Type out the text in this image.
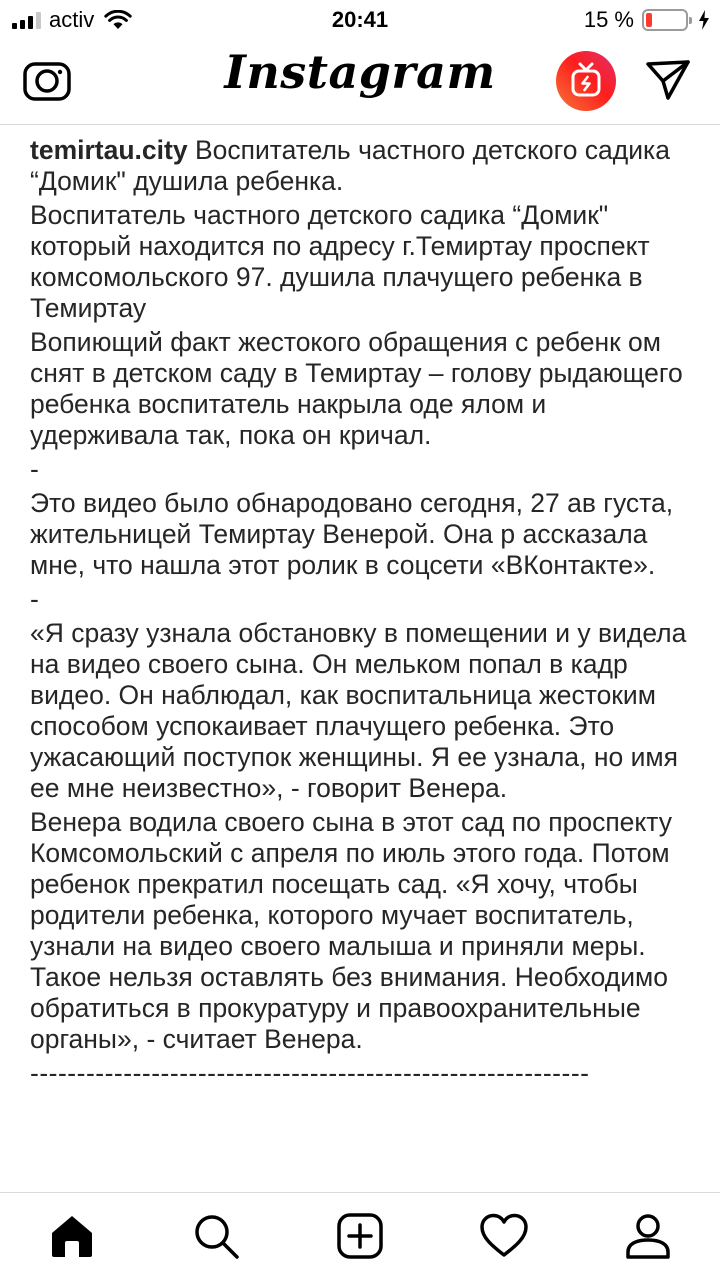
activ	20:41	15 %
Instagram

temirtau.city Воспитатель частного детского садика “Домик" душила ребенка.

Воспитатель частного детского садика “Домик" который находится по адресу г.Темиртау проспект комсомольского 97. душила плачущего ребенка в Темиртау

Вопиющий факт жестокого обращения с ребенк ом снят в детском саду в Темиртау – голову рыдающего ребенка воспитатель накрыла оде ялом и удерживала так, пока он кричал.

-

Это видео было обнародовано сегодня, 27 ав густа, жительницей Темиртау Венерой. Она р ассказала мне, что нашла этот ролик в соцсети «ВКонтакте».

-

«Я сразу узнала обстановку в помещении и у видела на видео своего сына. Он мельком попал в кадр видео. Он наблюдал, как воспитальница жестоким способом успокаивает плачущего ребенка. Это ужасающий поступок женщины. Я ее узнала, но имя ее мне неизвестно», - говорит Венера.

Венера водила своего сына в этот сад по проспекту Комсомольский с апреля по июль этого года. Потом ребенок прекратил посещать сад. «Я хочу, чтобы родители ребенка, которого мучает воспитатель, узнали на видео своего малыша и приняли меры. Такое нельзя оставлять без внимания. Необходимо обратиться в прокуратуру и правоохранительные органы», - считает Венера.

------------------------------------------------------------
